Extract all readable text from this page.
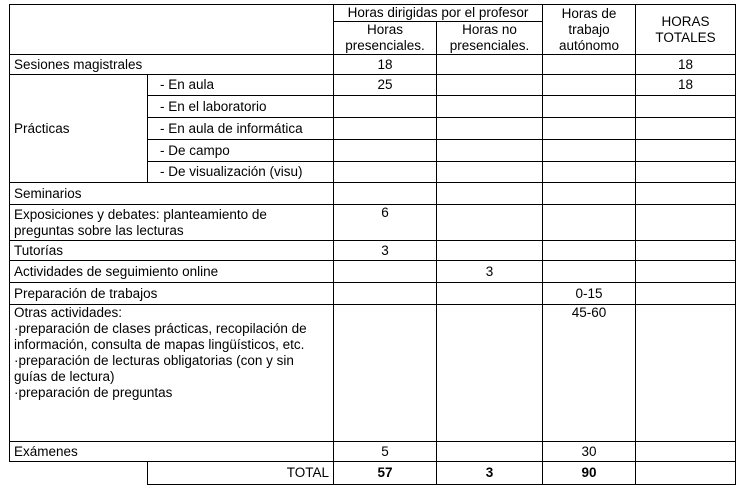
		Horas dirigidas por el profesor		Horas de trabajo autónomo	HORAS TOTALES
		Horas presenciales.	Horas no presenciales.		
Sesiones magistrales		18			18
Prácticas	- En aula	25			18
	- En el laboratorio				
	- En aula de informática				
	- De campo				
	- De visualización (visu)				
Seminarios					

Exposiciones y debates: planteamiento de preguntas sobre las lecturas		6			
Tutorías		3			
Actividades de seguimiento online			3		
Preparación de trabajos				0-15	

Otras actividades:
·preparación de clases prácticas, recopilación de información, consulta de mapas lingüísticos, etc.
·preparación de lecturas obligatorias (con y sin guías de lectura)
·preparación de preguntas				45-60	
Exámenes		5		30	
	TOTAL	57	3	90	
